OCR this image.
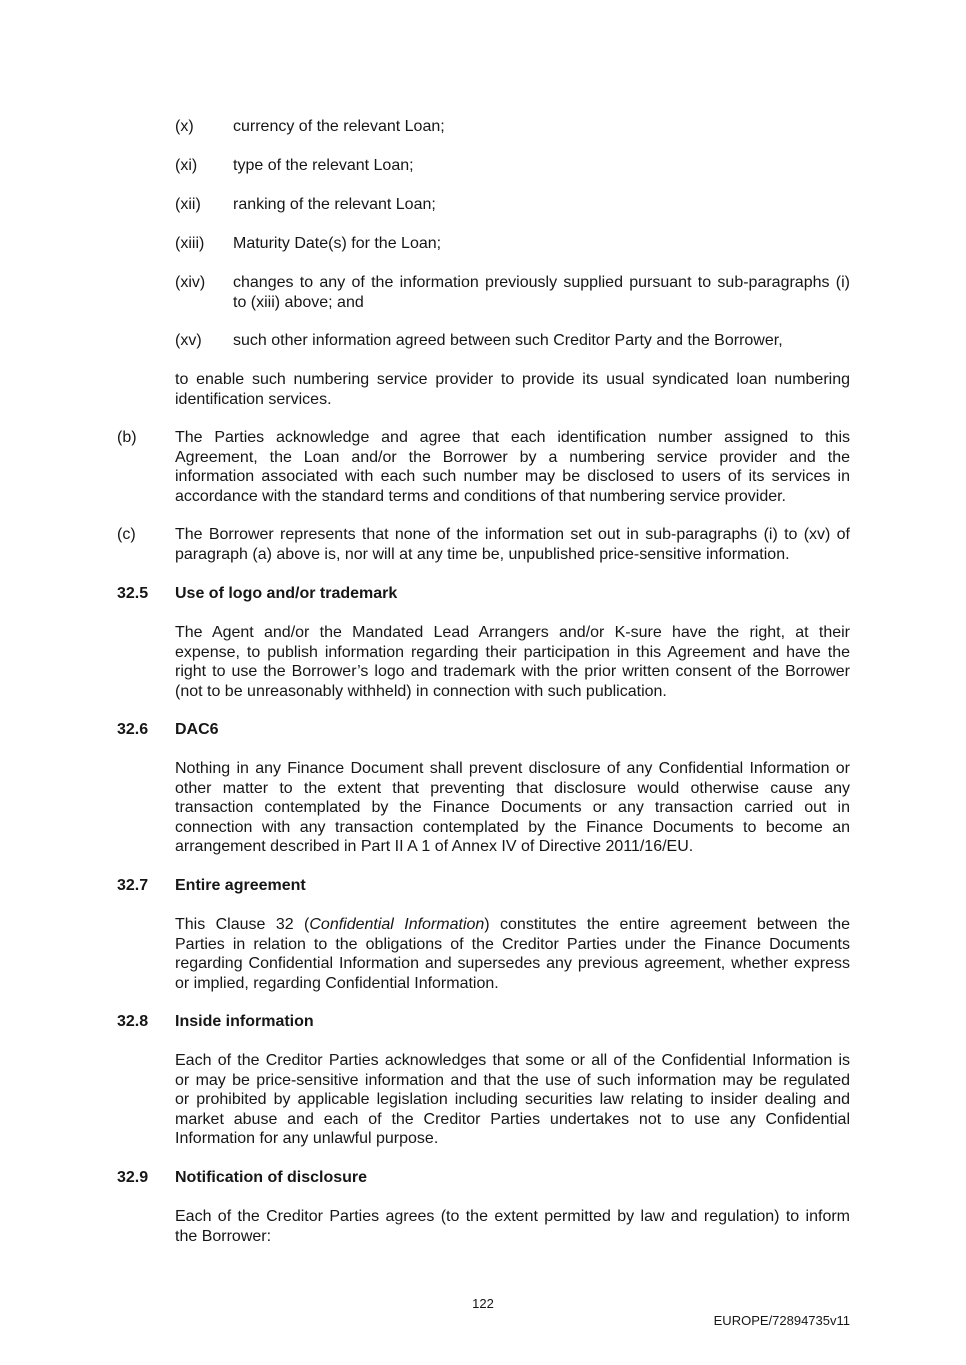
(x) currency of the relevant Loan;
(xi) type of the relevant Loan;
(xii) ranking of the relevant Loan;
(xiii) Maturity Date(s) for the Loan;
(xiv) changes to any of the information previously supplied pursuant to sub-paragraphs (i)
to (xiii) above; and
(xv) such other information agreed between such Creditor Party and the Borrower,
to enable such numbering service provider to provide its usual syndicated loan numbering
identification services.
(b) The Parties acknowledge and agree that each identification number assigned to this
Agreement, the Loan and/or the Borrower by a numbering service provider and the
information associated with each such number may be disclosed to users of its services in
accordance with the standard terms and conditions of that numbering service provider.
(c) The Borrower represents that none of the information set out in sub-paragraphs (i) to (xv) of
paragraph (a) above is, nor will at any time be, unpublished price-sensitive information.
32.5 Use of logo and/or trademark
The Agent and/or the Mandated Lead Arrangers and/or K-sure have the right, at their
expense, to publish information regarding their participation in this Agreement and have the
right to use the Borrower’s logo and trademark with the prior written consent of the Borrower
(not to be unreasonably withheld) in connection with such publication.
32.6 DAC6
Nothing in any Finance Document shall prevent disclosure of any Confidential Information or
other matter to the extent that preventing that disclosure would otherwise cause any
transaction contemplated by the Finance Documents or any transaction carried out in
connection with any transaction contemplated by the Finance Documents to become an
arrangement described in Part II A 1 of Annex IV of Directive 2011/16/EU.
32.7 Entire agreement
This Clause 32 (Confidential Information) constitutes the entire agreement between the
Parties in relation to the obligations of the Creditor Parties under the Finance Documents
regarding Confidential Information and supersedes any previous agreement, whether express
or implied, regarding Confidential Information.
32.8 Inside information
Each of the Creditor Parties acknowledges that some or all of the Confidential Information is
or may be price-sensitive information and that the use of such information may be regulated
or prohibited by applicable legislation including securities law relating to insider dealing and
market abuse and each of the Creditor Parties undertakes not to use any Confidential
Information for any unlawful purpose.
32.9 Notification of disclosure
Each of the Creditor Parties agrees (to the extent permitted by law and regulation) to inform
the Borrower:
122
EUROPE/72894735v11
